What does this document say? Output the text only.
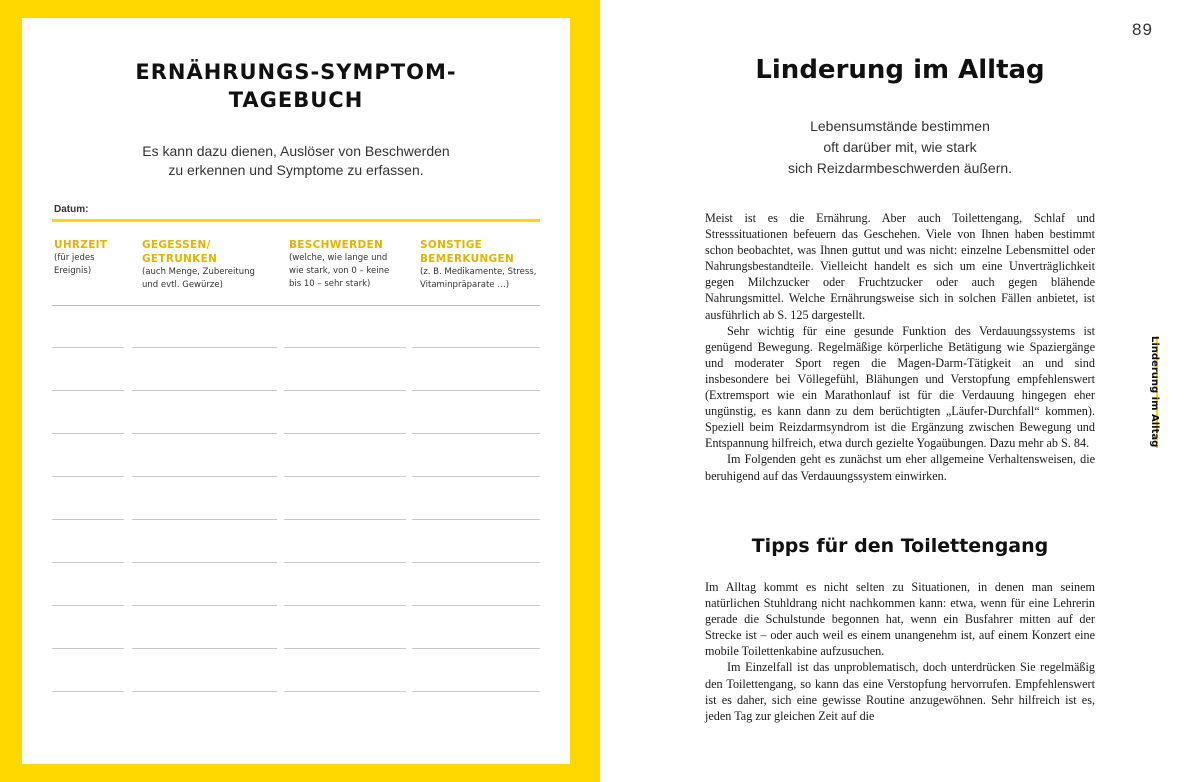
ERNÄHRUNGS-SYMPTOM-
TAGEBUCH
Es kann dazu dienen, Auslöser von Beschwerden
zu erkennen und Symptome zu erfassen.
Datum:
UHRZEIT
(für jedes
Ereignis)
GEGESSEN/
GETRUNKEN
(auch Menge, Zubereitung
und evtl. Gewürze)
BESCHWERDEN
(welche, wie lange und
wie stark, von 0 – keine
bis 10 – sehr stark)
SONSTIGE
BEMERKUNGEN
(z. B. Medikamente, Stress,
Vitaminpräparate …)
89
Linderung im Alltag
Lebensumstände bestimmen
oft darüber mit, wie stark
sich Reizdarmbeschwerden äußern.

Meist ist es die Ernährung. Aber auch Toilettengang, Schlaf und Stresssituationen befeuern das Geschehen. Viele von Ihnen haben bestimmt schon beobachtet, was Ihnen guttut und was nicht: einzelne Lebensmittel oder Nahrungsbestandteile. Vielleicht handelt es sich um eine Unverträglichkeit gegen Milchzucker oder Fruchtzucker oder auch gegen blähende Nahrungsmittel. Welche Ernährungsweise sich in solchen Fällen anbietet, ist ausführlich ab S. 125 dargestellt.

Sehr wichtig für eine gesunde Funktion des Verdauungssystems ist genügend Bewegung. Regelmäßige körperliche Betätigung wie Spaziergänge und moderater Sport regen die Magen-Darm-Tätigkeit an und sind insbesondere bei Völlegefühl, Blähungen und Verstopfung empfehlenswert (Extremsport wie ein Marathonlauf ist für die Verdauung hingegen eher ungünstig, es kann dann zu dem berüchtigten „Läufer-Durchfall“ kommen). Speziell beim Reizdarmsyndrom ist die Ergänzung zwischen Bewegung und Entspannung hilfreich, etwa durch gezielte Yogaübungen. Dazu mehr ab S. 84.

Im Folgenden geht es zunächst um eher allgemeine Verhaltensweisen, die beruhigend auf das Verdauungssystem einwirken.

Tipps für den Toilettengang

Im Alltag kommt es nicht selten zu Situationen, in denen man seinem natürlichen Stuhldrang nicht nachkommen kann: etwa, wenn für eine Lehrerin gerade die Schulstunde begonnen hat, wenn ein Busfahrer mitten auf der Strecke ist – oder auch weil es einem unangenehm ist, auf einem Konzert eine mobile Toilettenkabine aufzusuchen.

Im Einzelfall ist das unproblematisch, doch unterdrücken Sie regelmäßig den Toilettengang, so kann das eine Verstopfung hervorrufen. Empfehlenswert ist es daher, sich eine gewisse Routine anzugewöhnen. Sehr hilfreich ist es, jeden Tag zur gleichen Zeit auf die

Linderung im Alltag
